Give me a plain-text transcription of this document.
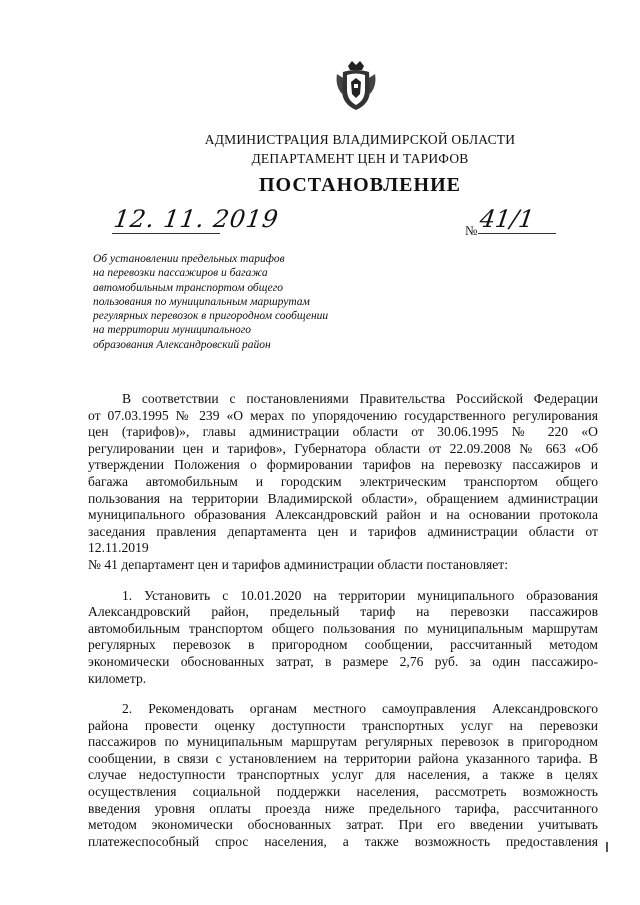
АДМИНИСТРАЦИЯ ВЛАДИМИРСКОЙ ОБЛАСТИ
ДЕПАРТАМЕНТ ЦЕН И ТАРИФОВ
ПОСТАНОВЛЕНИЕ
12. 11. 2019	№ 41/1
Об установлении предельных тарифов
на перевозки пассажиров и багажа
автомобильным транспортом общего
пользования по муниципальным маршрутам
регулярных перевозок в пригородном сообщении
на территории муниципального
образования Александровский район

В соответствии с постановлениями Правительства Российской Федерации

от 07.03.1995 № 239 «О мерах по упорядочению государственного регулирования

цен (тарифов)», главы администрации области от 30.06.1995 № 220 «О

регулировании цен и тарифов», Губернатора области от 22.09.2008 № 663 «Об

утверждении Положения о формировании тарифов на перевозку пассажиров и

багажа автомобильным и городским электрическим транспортом общего

пользования на территории Владимирской области», обращением администрации

муниципального образования Александровский район и на основании протокола

заседания правления департамента цен и тарифов администрации области от 12.11.2019

№ 41 департамент цен и тарифов администрации области постановляет:

1. Установить с 10.01.2020 на территории муниципального образования

Александровский район, предельный тариф на перевозки пассажиров

автомобильным транспортом общего пользования по муниципальным маршрутам

регулярных перевозок в пригородном сообщении, рассчитанный методом

экономически обоснованных затрат, в размере 2,76 руб. за один пассажиро-

километр.

2. Рекомендовать органам местного самоуправления Александровского

района провести оценку доступности транспортных услуг на перевозки

пассажиров по муниципальным маршрутам регулярных перевозок в пригородном

сообщении, в связи с установлением на территории района указанного тарифа. В

случае недоступности транспортных услуг для населения, а также в целях

осуществления социальной поддержки населения, рассмотреть возможность

введения уровня оплаты проезда ниже предельного тарифа, рассчитанного

методом экономически обоснованных затрат. При его введении учитывать

платежеспособный спрос населения, а также возможность предоставления
